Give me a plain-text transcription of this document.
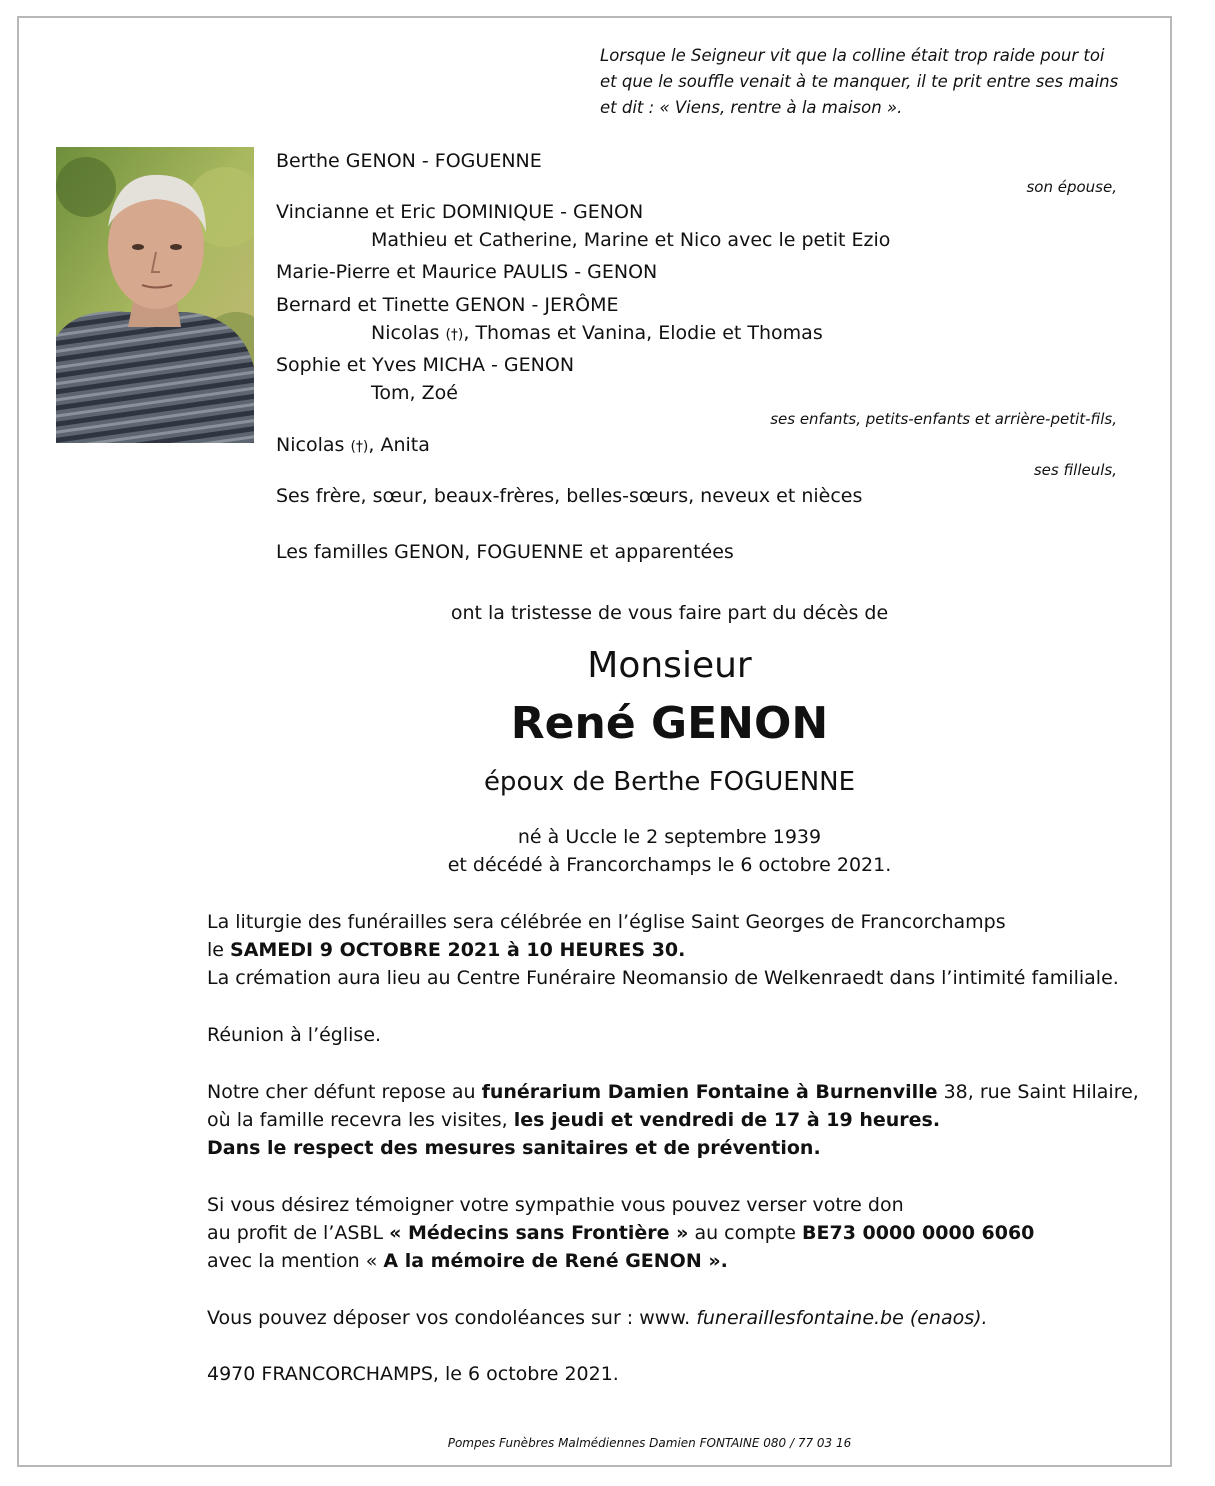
Lorsque le Seigneur vit que la colline était trop raide pour toi
et que le souffle venait à te manquer, il te prit entre ses mains
et dit : « Viens, rentre à la maison ».
Berthe GENON - FOGUENNE
son épouse,
Vincianne et Eric DOMINIQUE - GENON
Mathieu et Catherine, Marine et Nico avec le petit Ezio
Marie-Pierre et Maurice PAULIS - GENON
Bernard et Tinette GENON - JERÔME
Nicolas (†), Thomas et Vanina, Elodie et Thomas
Sophie et Yves MICHA - GENON
Tom, Zoé
ses enfants, petits-enfants et arrière-petit-fils,
Nicolas (†), Anita
ses filleuls,
Ses frère, sœur, beaux-frères, belles-sœurs, neveux et nièces
Les familles GENON, FOGUENNE et apparentées
ont la tristesse de vous faire part du décès de
Monsieur
René GENON
époux de Berthe FOGUENNE
né à Uccle le 2 septembre 1939
et décédé à Francorchamps le 6 octobre 2021.
La liturgie des funérailles sera célébrée en l’église Saint Georges de Francorchamps
le SAMEDI 9 OCTOBRE 2021 à 10 HEURES 30.
La crémation aura lieu au Centre Funéraire Neomansio de Welkenraedt dans l’intimité familiale.
Réunion à l’église.
Notre cher défunt repose au funérarium Damien Fontaine à Burnenville 38, rue Saint Hilaire,
où la famille recevra les visites, les jeudi et vendredi de 17 à 19 heures.
Dans le respect des mesures sanitaires et de prévention.
Si vous désirez témoigner votre sympathie vous pouvez verser votre don
au profit de l’ASBL « Médecins sans Frontière » au compte BE73 0000 0000 6060
avec la mention « A la mémoire de René GENON ».
Vous pouvez déposer vos condoléances sur : www. funeraillesfontaine.be (enaos).
4970 FRANCORCHAMPS, le 6 octobre 2021.
Pompes Funèbres Malmédiennes Damien FONTAINE 080 / 77 03 16
